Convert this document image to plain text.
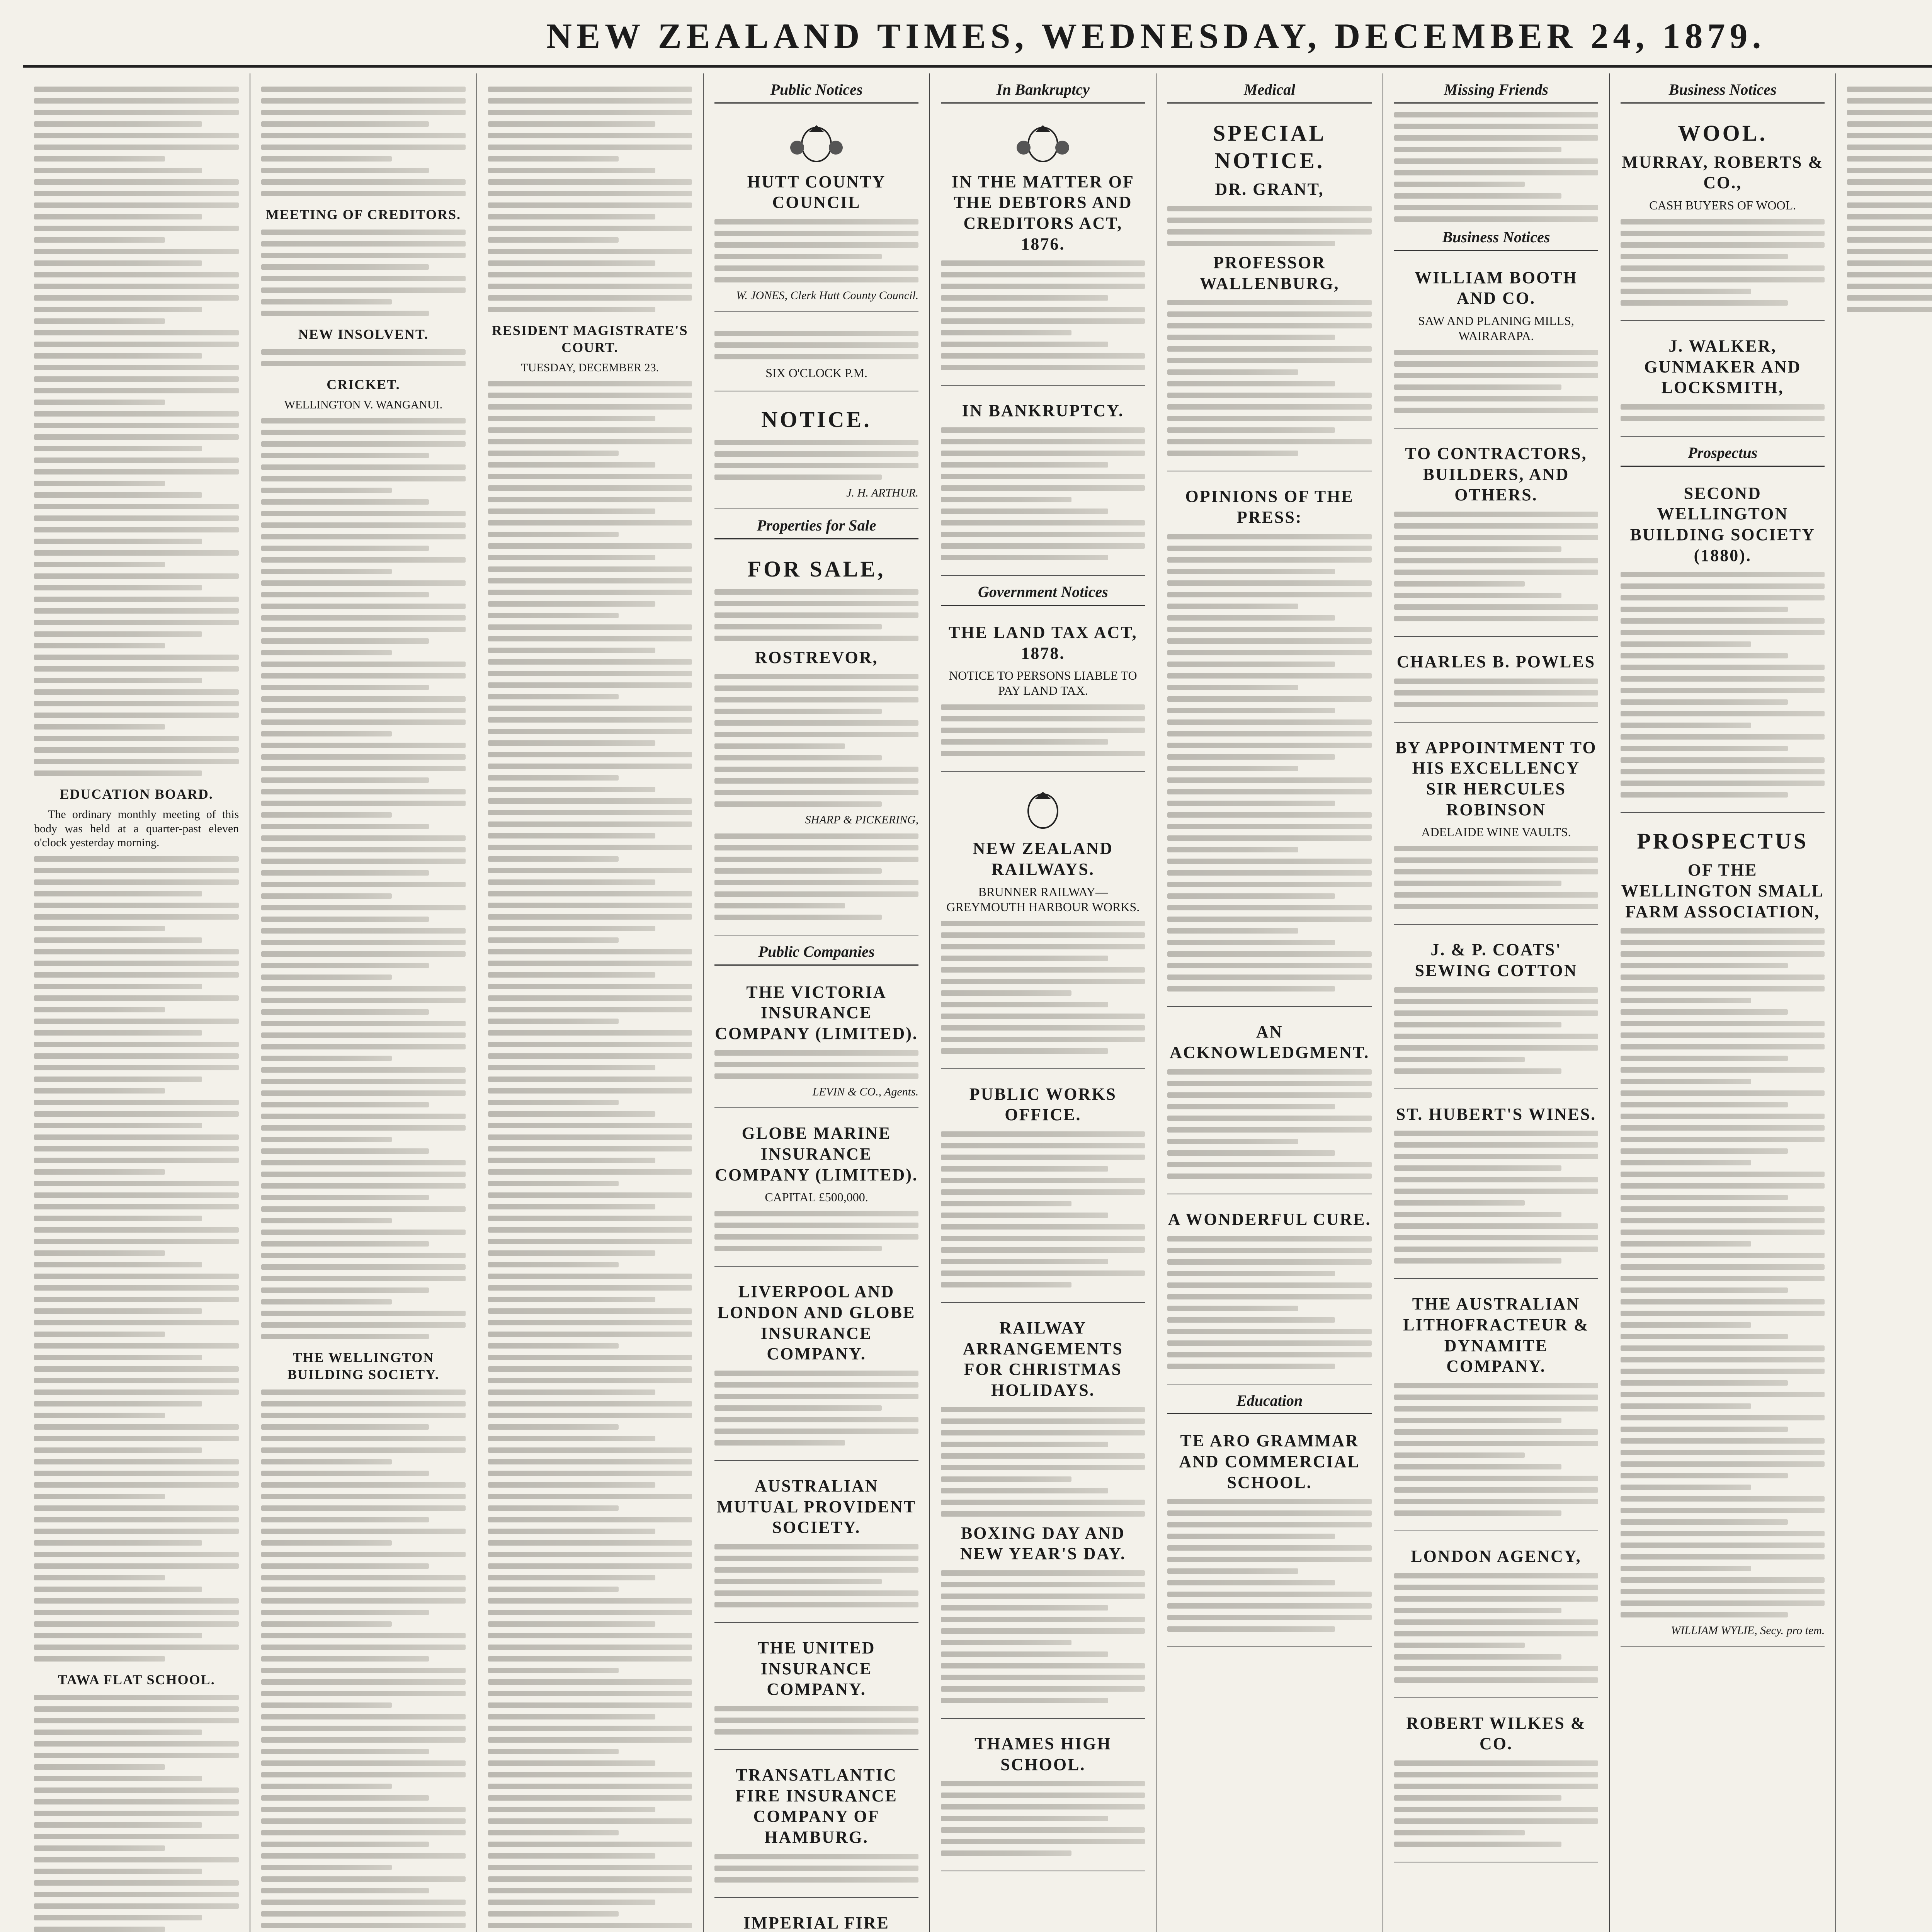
NEW ZEALAND TIMES, WEDNESDAY, DECEMBER 24, 1879.
EDUCATION BOARD.
The ordinary monthly meeting of this body was held at a quarter-past eleven o'clock yesterday morning.
TAWA FLAT SCHOOL.
MEETING OF CREDITORS.
NEW INSOLVENT.
CRICKET.
WELLINGTON V. WANGANUI.
THE WELLINGTON BUILDING SOCIETY.
RESIDENT MAGISTRATE'S COURT.
TUESDAY, DECEMBER 23.
Public Notices
HUTT COUNTY COUNCIL
W. JONES, Clerk Hutt County Council.
SIX O'CLOCK P.M.
NOTICE.
J. H. ARTHUR.
Properties for Sale
FOR SALE,
ROSTREVOR,
SHARP & PICKERING,
Public Companies
THE VICTORIA INSURANCE COMPANY (LIMITED).
LEVIN & CO., Agents.
GLOBE MARINE INSURANCE COMPANY (LIMITED).
CAPITAL £500,000.
LIVERPOOL AND LONDON AND GLOBE INSURANCE COMPANY.
AUSTRALIAN MUTUAL PROVIDENT SOCIETY.
THE UNITED INSURANCE COMPANY.
TRANSATLANTIC FIRE INSURANCE COMPANY OF HAMBURG.
IMPERIAL FIRE
In Bankruptcy
IN THE MATTER OF THE DEBTORS AND CREDITORS ACT, 1876.
IN BANKRUPTCY.
Government Notices
THE LAND TAX ACT, 1878.
NOTICE TO PERSONS LIABLE TO PAY LAND TAX.
NEW ZEALAND RAILWAYS.
BRUNNER RAILWAY—GREYMOUTH HARBOUR WORKS.
PUBLIC WORKS OFFICE.
RAILWAY ARRANGEMENTS FOR CHRISTMAS HOLIDAYS.
BOXING DAY AND NEW YEAR'S DAY.
THAMES HIGH SCHOOL.
Medical
SPECIAL NOTICE.
DR. GRANT,
PROFESSOR WALLENBURG,
OPINIONS OF THE PRESS:
AN ACKNOWLEDGMENT.
A WONDERFUL CURE.
Education
TE ARO GRAMMAR AND COMMERCIAL SCHOOL.
Missing Friends
Business Notices
WILLIAM BOOTH AND CO.
SAW AND PLANING MILLS, WAIRARAPA.
TO CONTRACTORS, BUILDERS, AND OTHERS.
CHARLES B. POWLES
BY APPOINTMENT TO HIS EXCELLENCY SIR HERCULES ROBINSON
ADELAIDE WINE VAULTS.
J. & P. COATS' SEWING COTTON
ST. HUBERT'S WINES.
THE AUSTRALIAN LITHOFRACTEUR & DYNAMITE COMPANY.
LONDON AGENCY,
ROBERT WILKES & CO.
Business Notices
WOOL.
MURRAY, ROBERTS & CO.,
CASH BUYERS OF WOOL.
J. WALKER, GUNMAKER AND LOCKSMITH,
Prospectus
SECOND WELLINGTON BUILDING SOCIETY (1880).
PROSPECTUS
OF THE WELLINGTON SMALL FARM ASSOCIATION,
WILLIAM WYLIE, Secy. pro tem.
